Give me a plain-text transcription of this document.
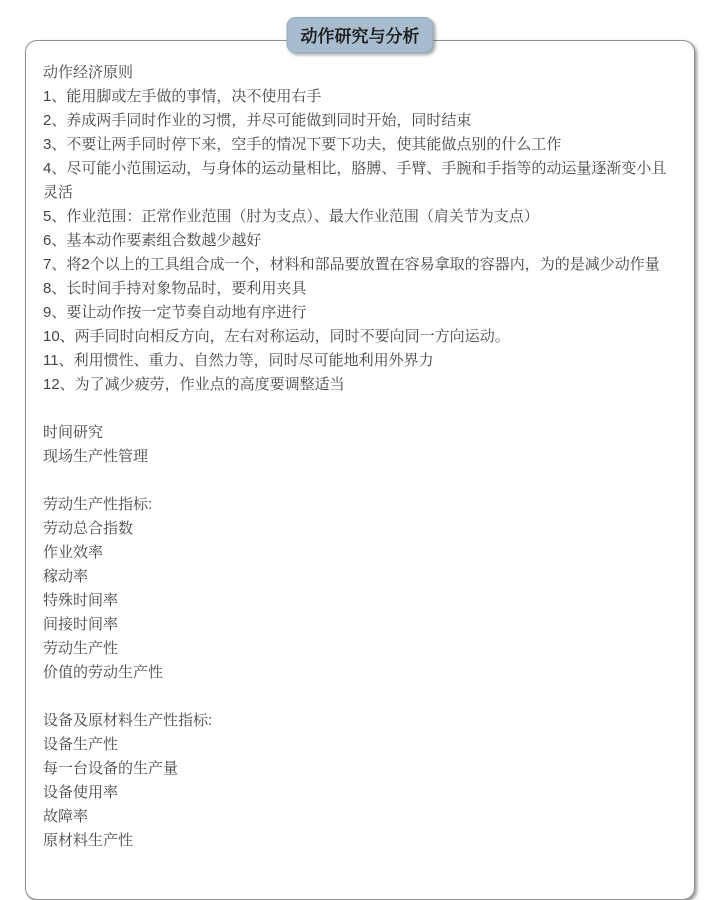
动作研究与分析
动作经济原则
1、能用脚或左手做的事情，决不使用右手
2、养成两手同时作业的习惯，并尽可能做到同时开始，同时结束
3、不要让两手同时停下来，空手的情况下要下功夫，使其能做点别的什么工作
4、尽可能小范围运动，与身体的运动量相比，胳膊、手臂、手腕和手指等的动运量逐渐变小且灵活
5、作业范围：正常作业范围（肘为支点）、最大作业范围（肩关节为支点）
6、基本动作要素组合数越少越好
7、将2个以上的工具组合成一个，材料和部品要放置在容易拿取的容器内，为的是减少动作量
8、长时间手持对象物品时，要利用夹具
9、要让动作按一定节奏自动地有序进行
10、两手同时向相反方向，左右对称运动，同时不要向同一方向运动。
11、利用惯性、重力、自然力等，同时尽可能地利用外界力
12、为了减少疲劳，作业点的高度要调整适当
时间研究
现场生产性管理
劳动生产性指标:
劳动总合指数
作业效率
稼动率
特殊时间率
间接时间率
劳动生产性
价值的劳动生产性
设备及原材料生产性指标:
设备生产性
每一台设备的生产量
设备使用率
故障率
原材料生产性
